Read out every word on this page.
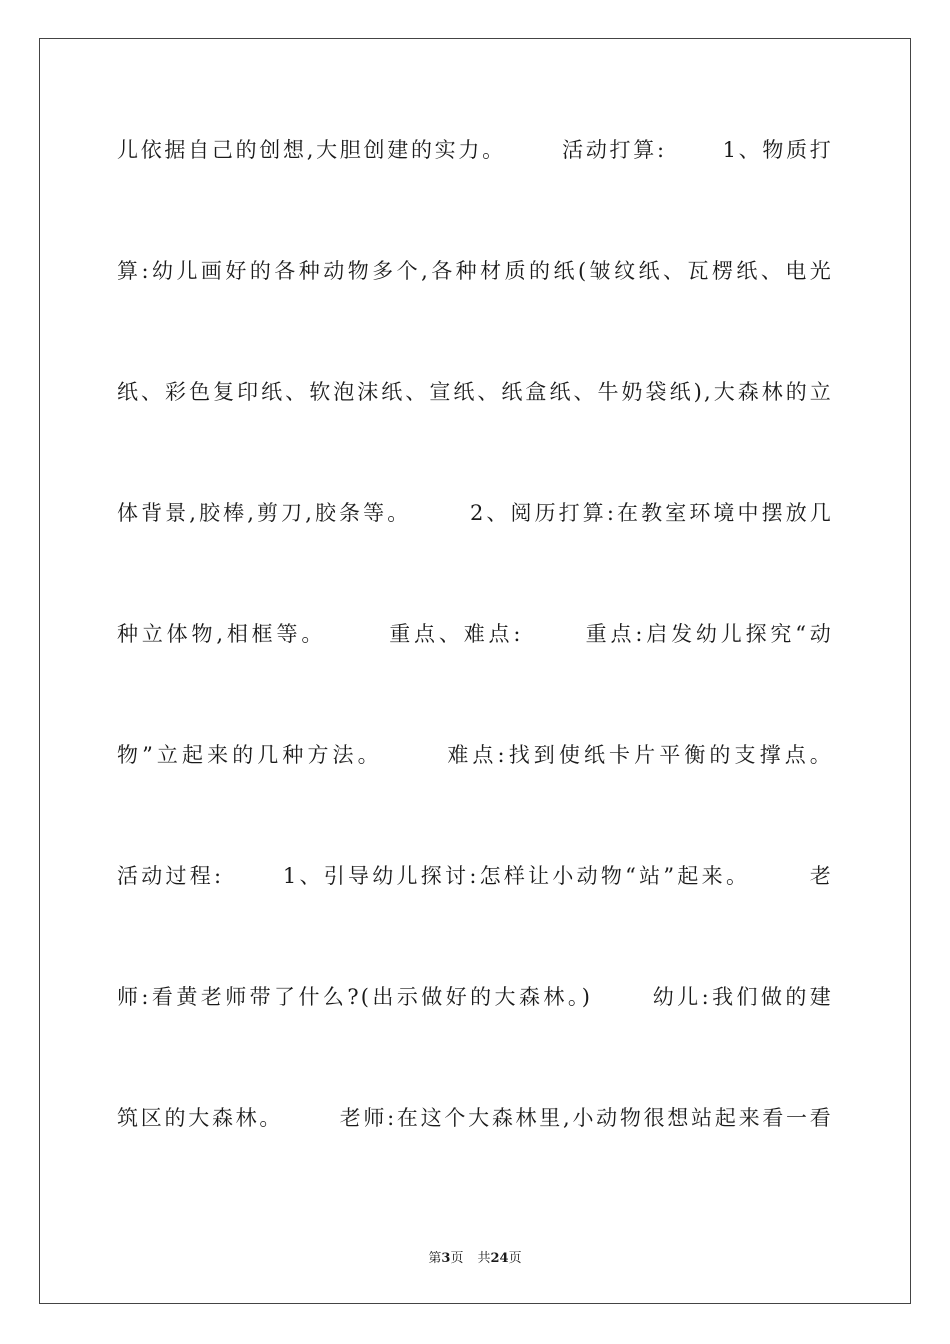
儿依据自己的创想,大胆创建的实力。      活动打算:      1、物质打
算:幼儿画好的各种动物多个,各种材质的纸(皱纹纸、瓦楞纸、电光
纸、彩色复印纸、软泡沫纸、宣纸、纸盒纸、牛奶袋纸),大森林的立
体背景,胶棒,剪刀,胶条等。      2、阅历打算:在教室环境中摆放几
种立体物,相框等。      重点、难点:      重点:启发幼儿探究“动
物”立起来的几种方法。      难点:找到使纸卡片平衡的支撑点。
活动过程:      1、引导幼儿探讨:怎样让小动物“站”起来。      老
师:看黄老师带了什么?(出示做好的大森林。)      幼儿:我们做的建
筑区的大森林。      老师:在这个大森林里,小动物很想站起来看一看
第3页 共24页
